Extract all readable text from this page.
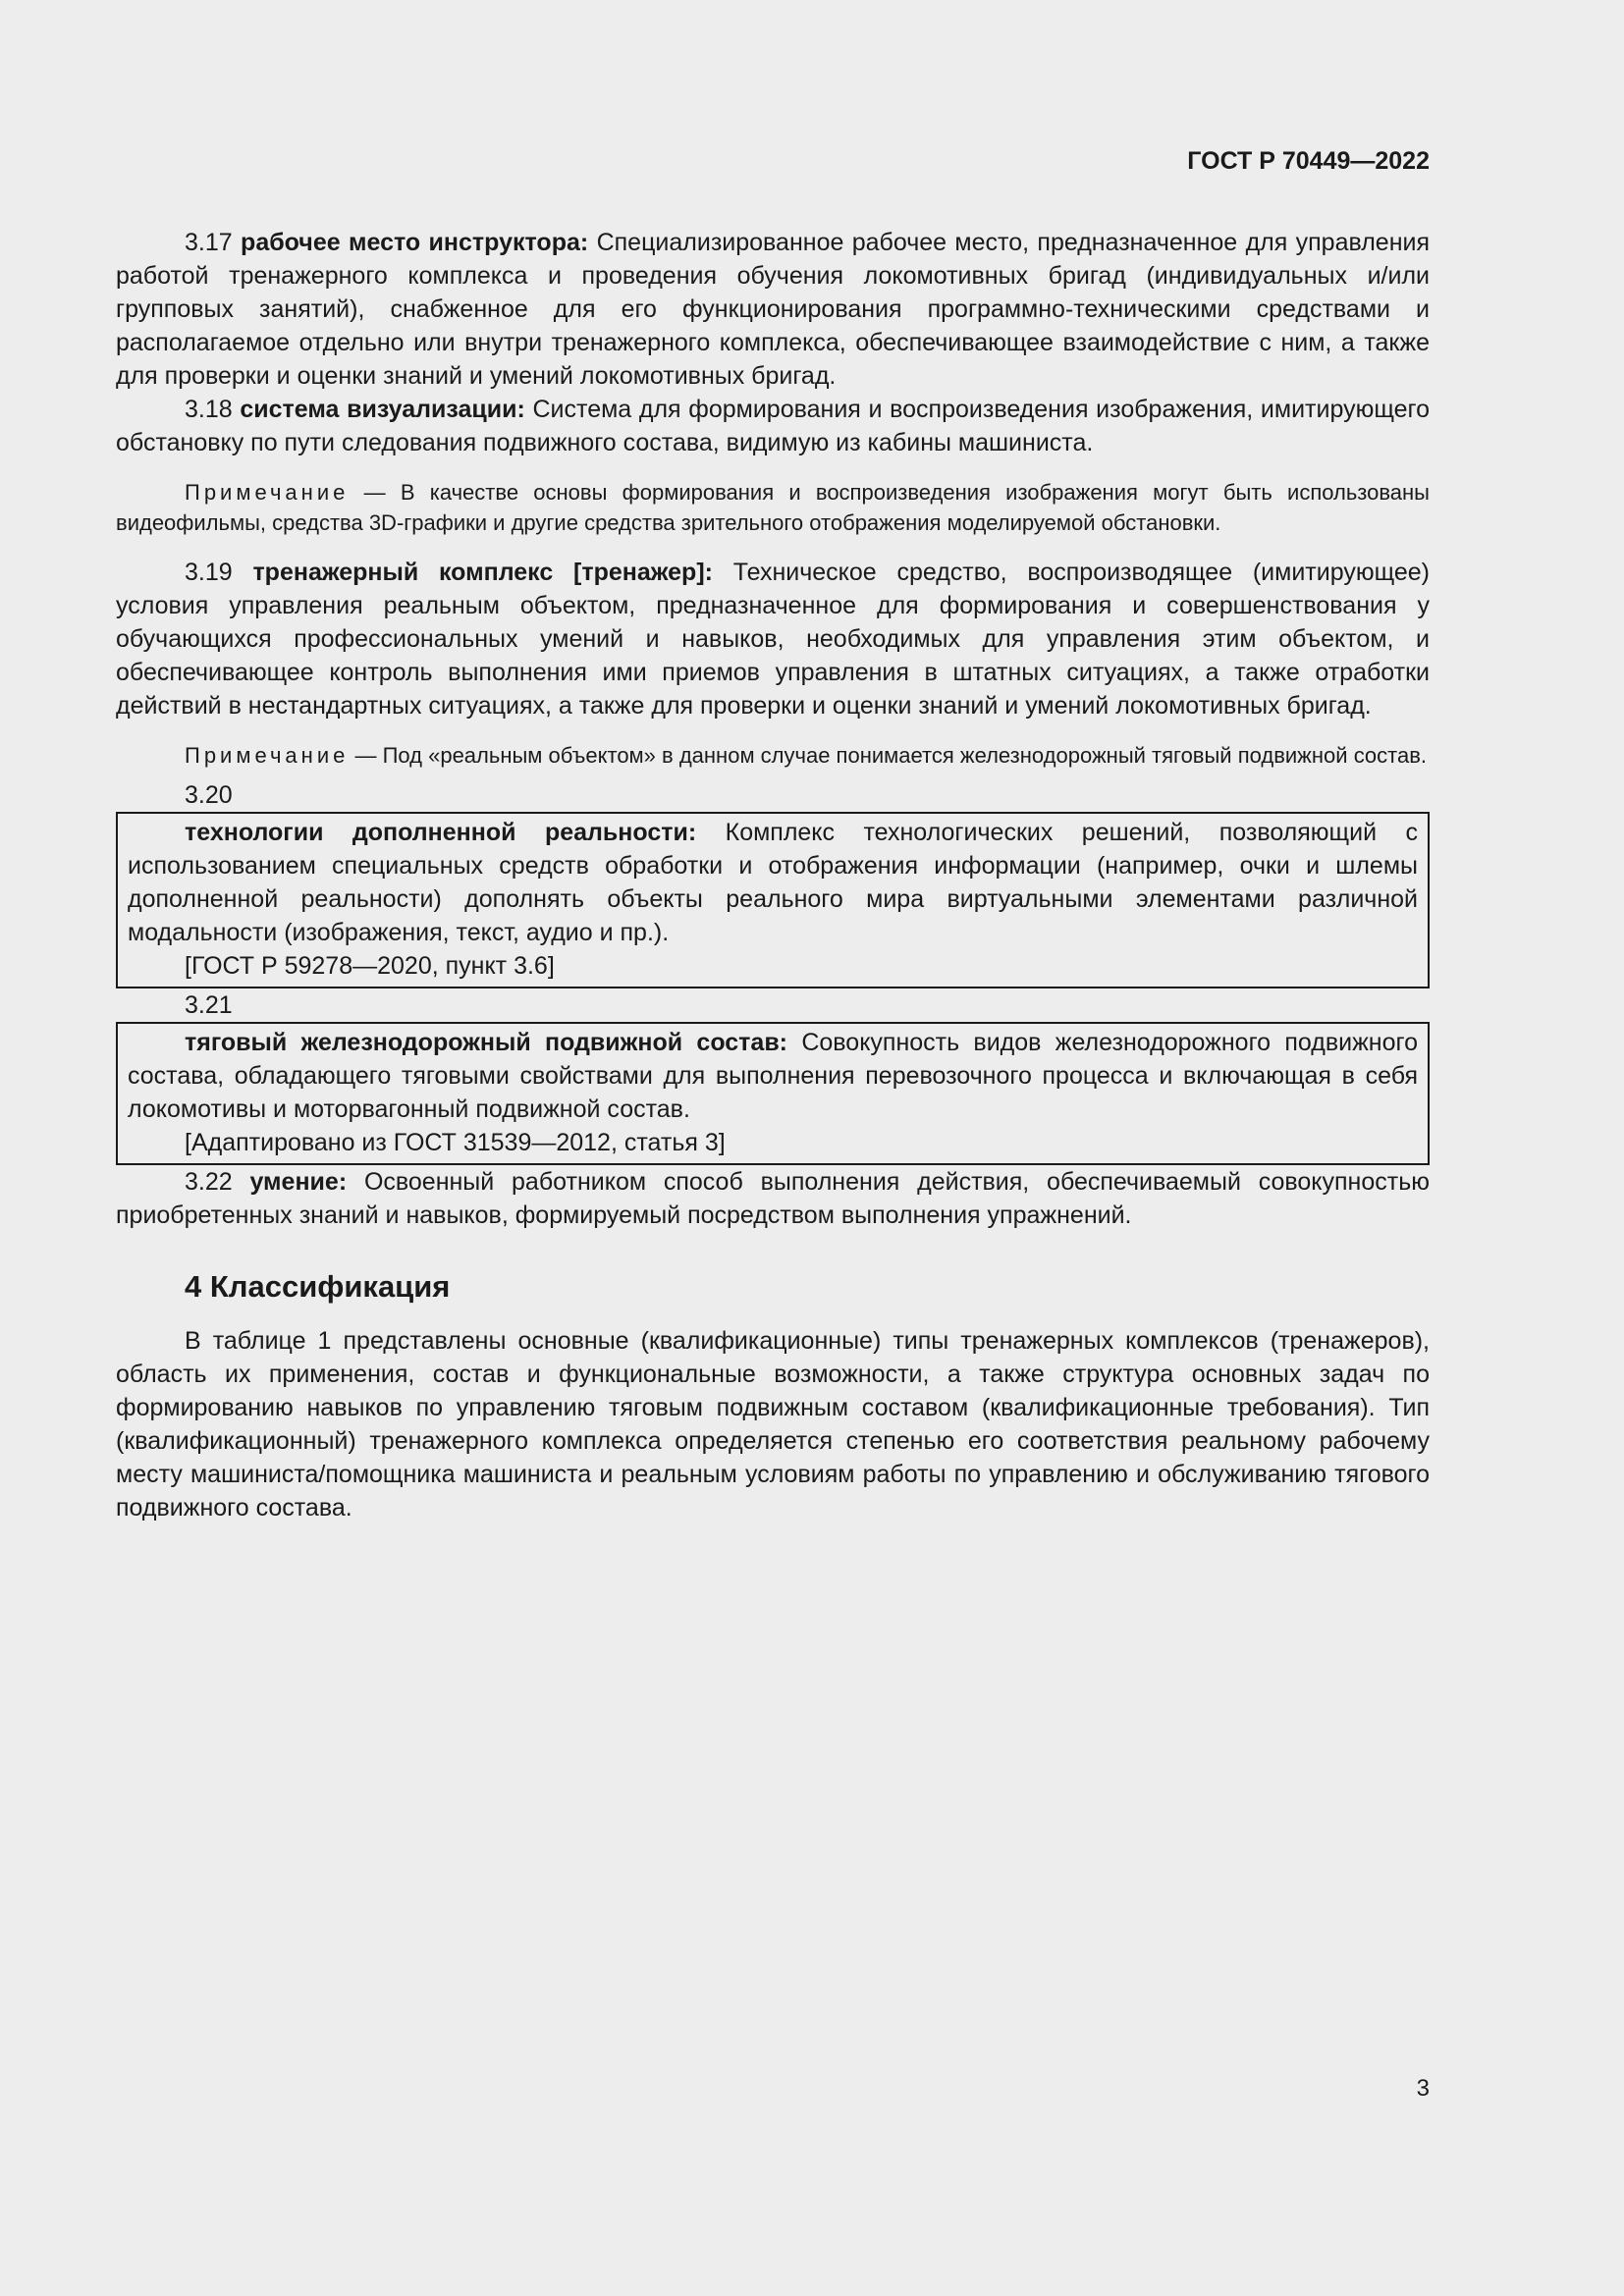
ГОСТ Р 70449—2022

3.17 рабочее место инструктора: Специализированное рабочее место, предназначенное для управления работой тренажерного комплекса и проведения обучения локомотивных бригад (индивидуальных и/или групповых занятий), снабженное для его функционирования программно-техническими средствами и располагаемое отдельно или внутри тренажерного комплекса, обеспечивающее взаимодействие с ним, а также для проверки и оценки знаний и умений локомотивных бригад.

3.18 система визуализации: Система для формирования и воспроизведения изображения, имитирующего обстановку по пути следования подвижного состава, видимую из кабины машиниста.

Примечание — В качестве основы формирования и воспроизведения изображения могут быть использованы видеофильмы, средства 3D-графики и другие средства зрительного отображения моделируемой обстановки.

3.19 тренажерный комплекс [тренажер]: Техническое средство, воспроизводящее (имитирующее) условия управления реальным объектом, предназначенное для формирования и совершенствования у обучающихся профессиональных умений и навыков, необходимых для управления этим объектом, и обеспечивающее контроль выполнения ими приемов управления в штатных ситуациях, а также отработки действий в нестандартных ситуациях, а также для проверки и оценки знаний и умений локомотивных бригад.

Примечание — Под «реальным объектом» в данном случае понимается железнодорожный тяговый подвижной состав.

3.20

технологии дополненной реальности: Комплекс технологических решений, позволяющий с использованием специальных средств обработки и отображения информации (например, очки и шлемы дополненной реальности) дополнять объекты реального мира виртуальными элементами различной модальности (изображения, текст, аудио и пр.).

[ГОСТ Р 59278—2020, пункт 3.6]

3.21

тяговый железнодорожный подвижной состав: Совокупность видов железнодорожного подвижного состава, обладающего тяговыми свойствами для выполнения перевозочного процесса и включающая в себя локомотивы и моторвагонный подвижной состав.

[Адаптировано из ГОСТ 31539—2012, статья 3]

3.22 умение: Освоенный работником способ выполнения действия, обеспечиваемый совокупностью приобретенных знаний и навыков, формируемый посредством выполнения упражнений.

4 Классификация

В таблице 1 представлены основные (квалификационные) типы тренажерных комплексов (тренажеров), область их применения, состав и функциональные возможности, а также структура основных задач по формированию навыков по управлению тяговым подвижным составом (квалификационные требования). Тип (квалификационный) тренажерного комплекса определяется степенью его соответствия реальному рабочему месту машиниста/помощника машиниста и реальным условиям работы по управлению и обслуживанию тягового подвижного состава.

3
